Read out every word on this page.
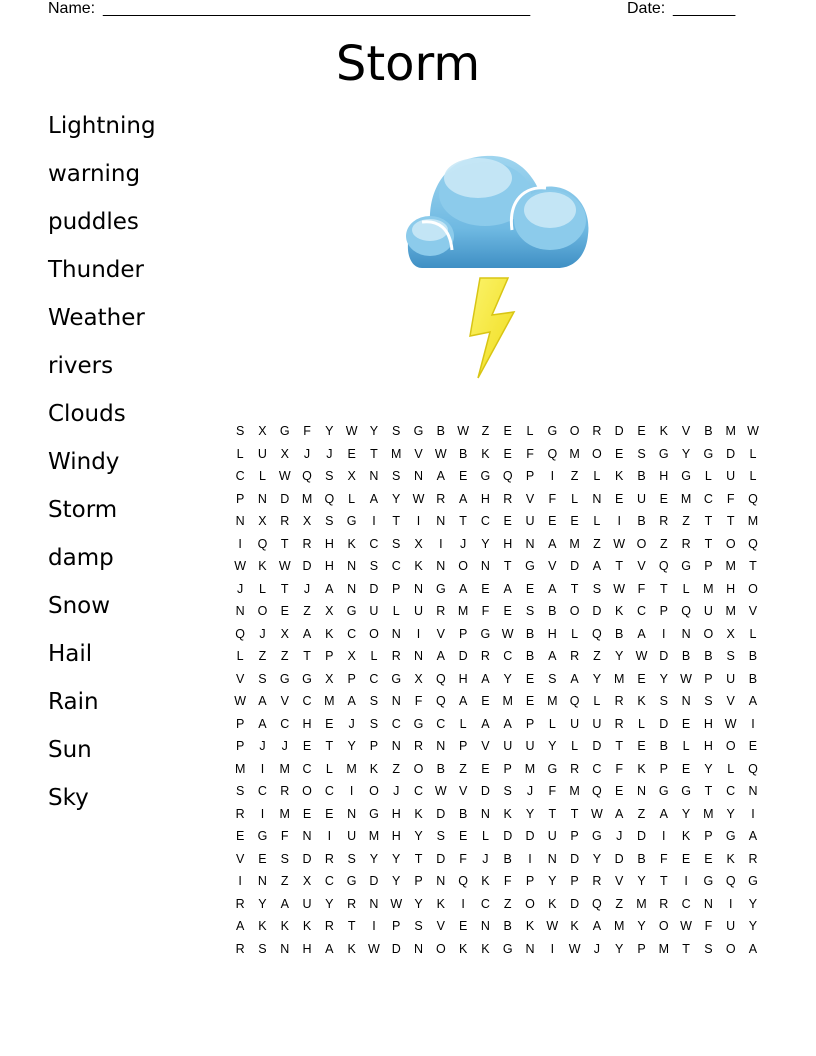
Name: ________________________________________________	Date: _______
Storm
Lightning
warning
puddles
Thunder
Weather
rivers
Clouds
Windy
Storm
damp
Snow
Hail
Rain
Sun
Sky
S	X	G	F	Y	W	Y	S	G	B	W	Z	E	L	G	O	R	D	E	K	V	B	M	W
L	U	X	J	J	E	T	M	V	W	B	K	E	F	Q	M	O	E	S	G	Y	G	D	L
C	L	W	Q	S	X	N	S	N	A	E	G	Q	P	I	Z	L	K	B	H	G	L	U	L
P	N	D	M	Q	L	A	Y	W	R	A	H	R	V	F	L	N	E	U	E	M	C	F	Q
N	X	R	X	S	G	I	T	I	N	T	C	E	U	E	E	L	I	B	R	Z	T	T	M
I	Q	T	R	H	K	C	S	X	I	J	Y	H	N	A	M	Z	W	O	Z	R	T	O	Q
W	K	W	D	H	N	S	C	K	N	O	N	T	G	V	D	A	T	V	Q	G	P	M	T
J	L	T	J	A	N	D	P	N	G	A	E	A	E	A	T	S	W	F	T	L	M	H	O
N	O	E	Z	X	G	U	L	U	R	M	F	E	S	B	O	D	K	C	P	Q	U	M	V
Q	J	X	A	K	C	O	N	I	V	P	G	W	B	H	L	Q	B	A	I	N	O	X	L
L	Z	Z	T	P	X	L	R	N	A	D	R	C	B	A	R	Z	Y	W	D	B	B	S	B
V	S	G	G	X	P	C	G	X	Q	H	A	Y	E	S	A	Y	M	E	Y	W	P	U	B
W	A	V	C	M	A	S	N	F	Q	A	E	M	E	M	Q	L	R	K	S	N	S	V	A
P	A	C	H	E	J	S	C	G	C	L	A	A	P	L	U	U	R	L	D	E	H	W	I
P	J	J	E	T	Y	P	N	R	N	P	V	U	U	Y	L	D	T	E	B	L	H	O	E
M	I	M	C	L	M	K	Z	O	B	Z	E	P	M	G	R	C	F	K	P	E	Y	L	Q
S	C	R	O	C	I	O	J	C	W	V	D	S	J	F	M	Q	E	N	G	G	T	C	N
R	I	M	E	E	N	G	H	K	D	B	N	K	Y	T	T	W	A	Z	A	Y	M	Y	I
E	G	F	N	I	U	M	H	Y	S	E	L	D	D	U	P	G	J	D	I	K	P	G	A
V	E	S	D	R	S	Y	Y	T	D	F	J	B	I	N	D	Y	D	B	F	E	E	K	R
I	N	Z	X	C	G	D	Y	P	N	Q	K	F	P	Y	P	R	V	Y	T	I	G	Q	G
R	Y	A	U	Y	R	N	W	Y	K	I	C	Z	O	K	D	Q	Z	M	R	C	N	I	Y
A	K	K	K	R	T	I	P	S	V	E	N	B	K	W	K	A	M	Y	O	W	F	U	Y
R	S	N	H	A	K	W	D	N	O	K	K	G	N	I	W	J	Y	P	M	T	S	O	A
